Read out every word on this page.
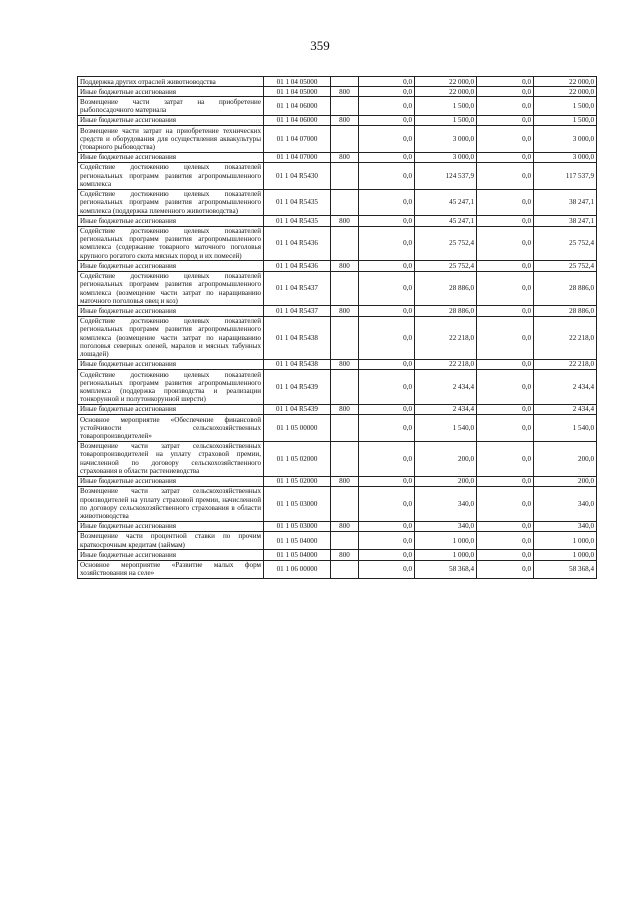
359
Поддержка других отраслей животноводства	01 1 04 05000		0,0	22 000,0	0,0	22 000,0
Иные бюджетные ассигнования	01 1 04 05000	800	0,0	22 000,0	0,0	22 000,0
Возмещение части затрат на приобретение рыбопосадочного материала	01 1 04 06000		0,0	1 500,0	0,0	1 500,0
Иные бюджетные ассигнования	01 1 04 06000	800	0,0	1 500,0	0,0	1 500,0
Возмещение части затрат на приобретение технических средств и оборудования для осуществления аквакультуры (товарного рыбоводства)	01 1 04 07000		0,0	3 000,0	0,0	3 000,0
Иные бюджетные ассигнования	01 1 04 07000	800	0,0	3 000,0	0,0	3 000,0
Содействие достижению целевых показателей региональных программ развития агропромышленного комплекса	01 1 04 R5430		0,0	124 537,9	0,0	117 537,9
Содействие достижению целевых показателей региональных программ развития агропромышленного комплекса (поддержка племенного животноводства)	01 1 04 R5435		0,0	45 247,1	0,0	38 247,1
Иные бюджетные ассигнования	01 1 04 R5435	800	0,0	45 247,1	0,0	38 247,1
Содействие достижению целевых показателей региональных программ развития агропромышленного комплекса (содержание товарного маточного поголовья крупного рогатого скота мясных пород и их помесей)	01 1 04 R5436		0,0	25 752,4	0,0	25 752,4
Иные бюджетные ассигнования	01 1 04 R5436	800	0,0	25 752,4	0,0	25 752,4
Содействие достижению целевых показателей региональных программ развития агропромышленного комплекса (возмещение части затрат по наращиванию маточного поголовья овец и коз)	01 1 04 R5437		0,0	28 886,0	0,0	28 886,0
Иные бюджетные ассигнования	01 1 04 R5437	800	0,0	28 886,0	0,0	28 886,0
Содействие достижению целевых показателей региональных программ развития агропромышленного комплекса (возмещение части затрат по наращиванию поголовья северных оленей, маралов и мясных табунных лошадей)	01 1 04 R5438		0,0	22 218,0	0,0	22 218,0
Иные бюджетные ассигнования	01 1 04 R5438	800	0,0	22 218,0	0,0	22 218,0
Содействие достижению целевых показателей региональных программ развития агропромышленного комплекса (поддержка производства и реализации тонкорунной и полутонкорунной шерсти)	01 1 04 R5439		0,0	2 434,4	0,0	2 434,4
Иные бюджетные ассигнования	01 1 04 R5439	800	0,0	2 434,4	0,0	2 434,4
Основное мероприятие «Обеспечение финансовой устойчивости сельскохозяйственных товаропроизводителей»	01 1 05 00000		0,0	1 540,0	0,0	1 540,0
Возмещение части затрат сельскохозяйственных товаропроизводителей на уплату страховой премии, начисленной по договору сельскохозяйственного страхования в области растениеводства	01 1 05 02000		0,0	200,0	0,0	200,0
Иные бюджетные ассигнования	01 1 05 02000	800	0,0	200,0	0,0	200,0
Возмещение части затрат сельскохозяйственных производителей на уплату страховой премии, начисленной по договору сельскохозяйственного страхования в области животноводства	01 1 05 03000		0,0	340,0	0,0	340,0
Иные бюджетные ассигнования	01 1 05 03000	800	0,0	340,0	0,0	340,0
Возмещение части процентной ставки по прочим краткосрочным кредитам (займам)	01 1 05 04000		0,0	1 000,0	0,0	1 000,0
Иные бюджетные ассигнования	01 1 05 04000	800	0,0	1 000,0	0,0	1 000,0
Основное мероприятие «Развитие малых форм хозяйствования на селе»	01 1 06 00000		0,0	58 368,4	0,0	58 368,4
